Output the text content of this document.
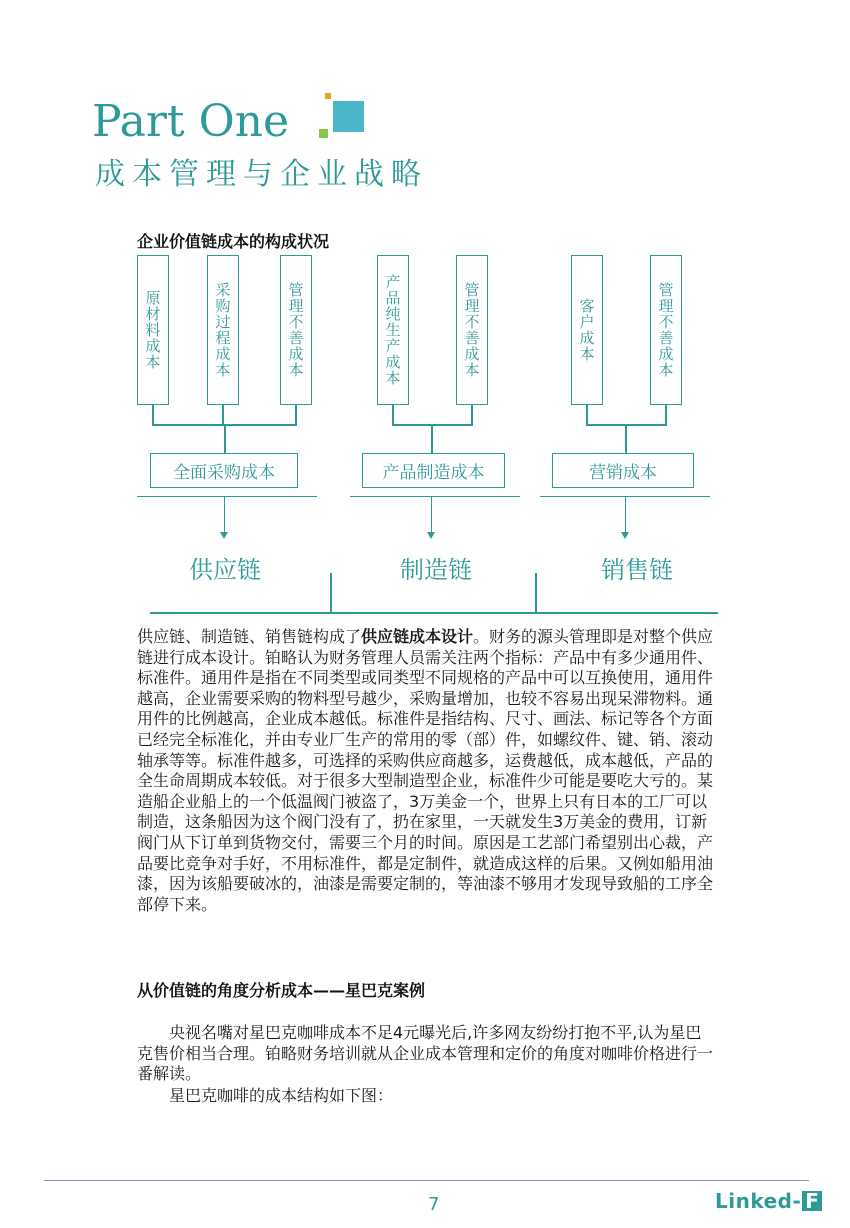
Part One
成本管理与企业战略
企业价值链成本的构成状况
原材料成本	采购过程成本	管理不善成本	产品纯生产成本	管理不善成本	客户成本	管理不善成本
全面采购成本	产品制造成本	营销成本
供应链	制造链	销售链

供应链、制造链、销售链构成了供应链成本设计。财务的源头管理即是对整个供应链进行成本设计。铂略认为财务管理人员需关注两个指标：产品中有多少通用件、标准件。通用件是指在不同类型或同类型不同规格的产品中可以互换使用，通用件越高，企业需要采购的物料型号越少，采购量增加，也较不容易出现呆滞物料。通用件的比例越高，企业成本越低。标准件是指结构、尺寸、画法、标记等各个方面已经完全标准化，并由专业厂生产的常用的零（部）件，如螺纹件、键、销、滚动轴承等等。标准件越多，可选择的采购供应商越多，运费越低，成本越低，产品的全生命周期成本较低。对于很多大型制造型企业，标准件少可能是要吃大亏的。某造船企业船上的一个低温阀门被盗了，3万美金一个，世界上只有日本的工厂可以制造，这条船因为这个阀门没有了，扔在家里，一天就发生3万美金的费用，订新阀门从下订单到货物交付，需要三个月的时间。原因是工艺部门希望别出心裁，产品要比竞争对手好，不用标准件，都是定制件，就造成这样的后果。又例如船用油漆，因为该船要破冰的，油漆是需要定制的，等油漆不够用才发现导致船的工序全部停下来。

从价值链的角度分析成本——星巴克案例

央视名嘴对星巴克咖啡成本不足4元曝光后,许多网友纷纷打抱不平,认为星巴克售价相当合理。铂略财务培训就从企业成本管理和定价的角度对咖啡价格进行一番解读。

星巴克咖啡的成本结构如下图：

7	Linked- F
